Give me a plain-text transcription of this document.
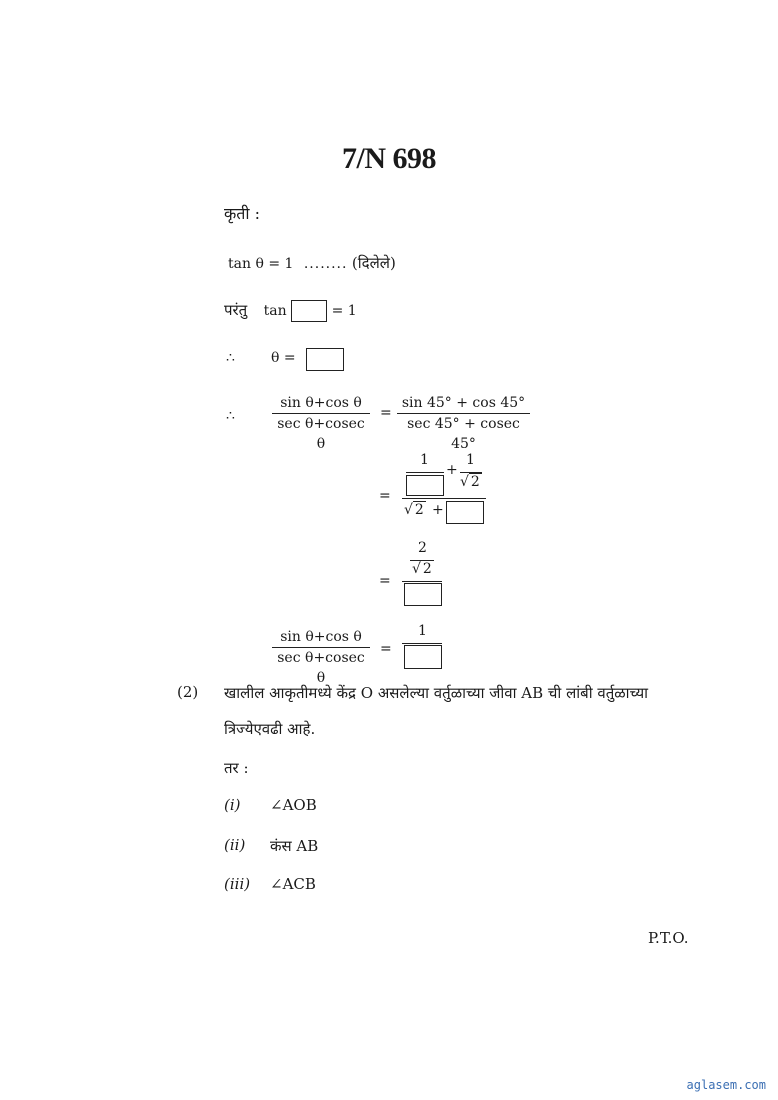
7/N 698
कृती :
tan θ = 1 ........ (दिलेले)
परंतु tan	= 1
∴	θ =
∴
sin θ+cos θ
sec θ+cosec θ
=
sin 45° + cos 45°
sec 45° + cosec 45°
=
1
+
1
√ 2
√ 2 +
=
2
√ 2
sin θ+cos θ
sec θ+cosec θ
=
1
(2) खालील आकृतीमध्ये केंद्र O असलेल्या वर्तुळाच्या जीवा AB ची लांबी वर्तुळाच्या
त्रिज्येएवढी आहे.
तर :
(i) ∠AOB
(ii) कंस AB
(iii) ∠ACB
P.T.O.
aglasem.com
